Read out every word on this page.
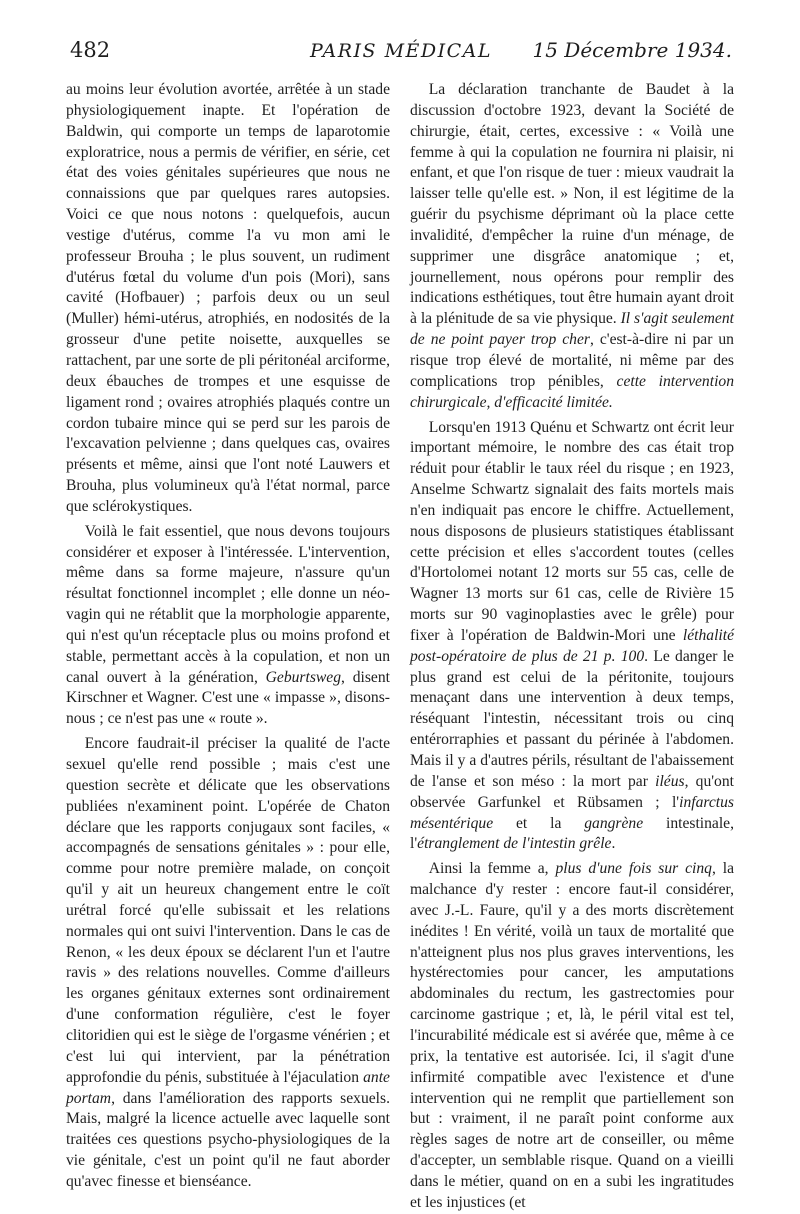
482	PARIS MÉDICAL	15 Décembre 1934.

au moins leur évolution avortée, arrêtée à un stade physiologiquement inapte. Et l'opération de Baldwin, qui comporte un temps de laparotomie exploratrice, nous a permis de vérifier, en série, cet état des voies génitales supérieures que nous ne connaissions que par quelques rares autopsies. Voici ce que nous notons : quelquefois, aucun vestige d'utérus, comme l'a vu mon ami le professeur Brouha ; le plus souvent, un rudiment d'utérus fœtal du volume d'un pois (Mori), sans cavité (Hofbauer) ; parfois deux ou un seul (Muller) hémi-utérus, atrophiés, en nodosités de la grosseur d'une petite noisette, auxquelles se rattachent, par une sorte de pli péritonéal arciforme, deux ébauches de trompes et une esquisse de ligament rond ; ovaires atrophiés plaqués contre un cordon tubaire mince qui se perd sur les parois de l'excavation pelvienne ; dans quelques cas, ovaires présents et même, ainsi que l'ont noté Lauwers et Brouha, plus volumineux qu'à l'état normal, parce que sclérokystiques.

Voilà le fait essentiel, que nous devons toujours considérer et exposer à l'intéressée. L'intervention, même dans sa forme majeure, n'assure qu'un résultat fonctionnel incomplet ; elle donne un néo-vagin qui ne rétablit que la morphologie apparente, qui n'est qu'un réceptacle plus ou moins profond et stable, permettant accès à la copulation, et non un canal ouvert à la génération, Geburtsweg, disent Kirschner et Wagner. C'est une « impasse », disons-nous ; ce n'est pas une « route ».

Encore faudrait-il préciser la qualité de l'acte sexuel qu'elle rend possible ; mais c'est une question secrète et délicate que les observations publiées n'examinent point. L'opérée de Chaton déclare que les rapports conjugaux sont faciles, « accompagnés de sensations génitales » : pour elle, comme pour notre première malade, on conçoit qu'il y ait un heureux changement entre le coït urétral forcé qu'elle subissait et les relations normales qui ont suivi l'intervention. Dans le cas de Renon, « les deux époux se déclarent l'un et l'autre ravis » des relations nouvelles. Comme d'ailleurs les organes génitaux externes sont ordinairement d'une conformation régulière, c'est le foyer clitoridien qui est le siège de l'orgasme vénérien ; et c'est lui qui intervient, par la pénétration approfondie du pénis, substituée à l'éjaculation ante portam, dans l'amélioration des rapports sexuels. Mais, malgré la licence actuelle avec laquelle sont traitées ces questions psycho-physiologiques de la vie génitale, c'est un point qu'il ne faut aborder qu'avec finesse et bienséance.

La déclaration tranchante de Baudet à la discussion d'octobre 1923, devant la Société de chirurgie, était, certes, excessive : « Voilà une femme à qui la copulation ne fournira ni plaisir, ni enfant, et que l'on risque de tuer : mieux vaudrait la laisser telle qu'elle est. » Non, il est légitime de la guérir du psychisme déprimant où la place cette invalidité, d'empêcher la ruine d'un ménage, de supprimer une disgrâce anatomique ; et, journellement, nous opérons pour remplir des indications esthétiques, tout être humain ayant droit à la plénitude de sa vie physique. Il s'agit seulement de ne point payer trop cher, c'est-à-dire ni par un risque trop élevé de mortalité, ni même par des complications trop pénibles, cette intervention chirurgicale, d'efficacité limitée.

Lorsqu'en 1913 Quénu et Schwartz ont écrit leur important mémoire, le nombre des cas était trop réduit pour établir le taux réel du risque ; en 1923, Anselme Schwartz signalait des faits mortels mais n'en indiquait pas encore le chiffre. Actuellement, nous disposons de plusieurs statistiques établissant cette précision et elles s'accordent toutes (celles d'Hortolomei notant 12 morts sur 55 cas, celle de Wagner 13 morts sur 61 cas, celle de Rivière 15 morts sur 90 vaginoplasties avec le grêle) pour fixer à l'opération de Baldwin-Mori une léthalité post-opératoire de plus de 21 p. 100. Le danger le plus grand est celui de la péritonite, toujours menaçant dans une intervention à deux temps, réséquant l'intestin, nécessitant trois ou cinq entérorraphies et passant du périnée à l'abdomen. Mais il y a d'autres périls, résultant de l'abaissement de l'anse et son méso : la mort par iléus, qu'ont observée Garfunkel et Rübsamen ; l'infarctus mésentérique et la gangrène intestinale, l'étranglement de l'intestin grêle.

Ainsi la femme a, plus d'une fois sur cinq, la malchance d'y rester : encore faut-il considérer, avec J.-L. Faure, qu'il y a des morts discrètement inédites ! En vérité, voilà un taux de mortalité que n'atteignent plus nos plus graves interventions, les hystérectomies pour cancer, les amputations abdominales du rectum, les gastrectomies pour carcinome gastrique ; et, là, le péril vital est tel, l'incurabilité médicale est si avérée que, même à ce prix, la tentative est autorisée. Ici, il s'agit d'une infirmité compatible avec l'existence et d'une intervention qui ne remplit que partiellement son but : vraiment, il ne paraît point conforme aux règles sages de notre art de conseiller, ou même d'accepter, un semblable risque. Quand on a vieilli dans le métier, quand on en a subi les ingratitudes et les injustices (et
